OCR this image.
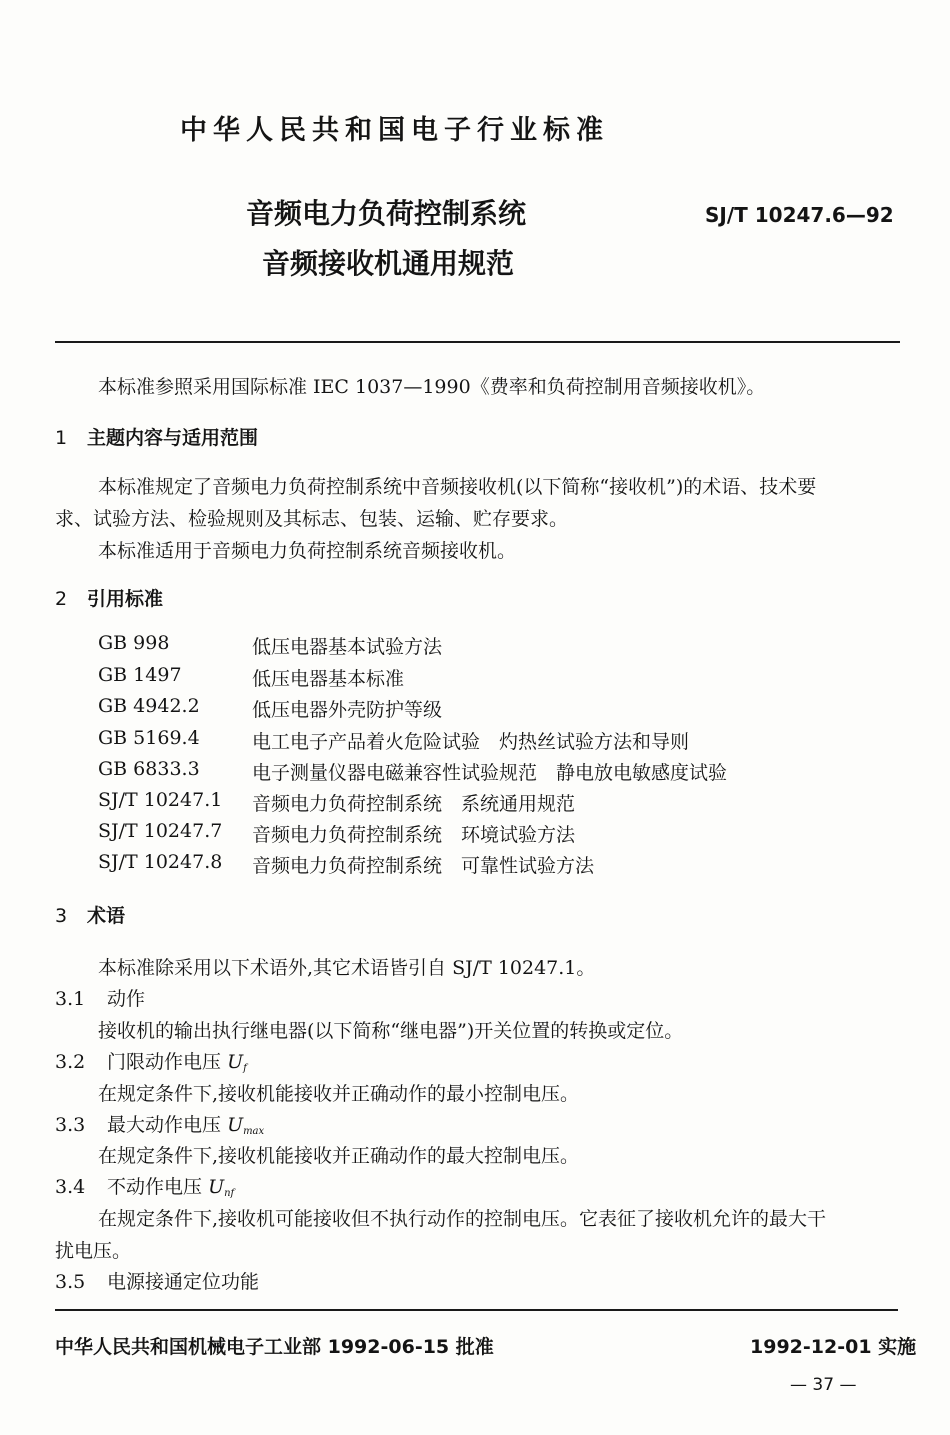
中华人民共和国电子行业标准
音频电力负荷控制系统
音频接收机通用规范
SJ/T 10247.6—92
本标准参照采用国际标准 IEC 1037—1990《费率和负荷控制用音频接收机》。
1 主题内容与适用范围
本标准规定了音频电力负荷控制系统中音频接收机(以下简称“接收机”)的术语、技术要
求、试验方法、检验规则及其标志、包装、运输、贮存要求。
本标准适用于音频电力负荷控制系统音频接收机。
2 引用标准
GB 998	低压电器基本试验方法
GB 1497	低压电器基本标准
GB 4942.2	低压电器外壳防护等级
GB 5169.4	电工电子产品着火危险试验　灼热丝试验方法和导则
GB 6833.3	电子测量仪器电磁兼容性试验规范　静电放电敏感度试验
SJ/T 10247.1 音频电力负荷控制系统　系统通用规范
SJ/T 10247.7 音频电力负荷控制系统　环境试验方法
SJ/T 10247.8 音频电力负荷控制系统　可靠性试验方法
3 术语
本标准除采用以下术语外,其它术语皆引自 SJ/T 10247.1。
3.1 动作
接收机的输出执行继电器(以下简称“继电器”)开关位置的转换或定位。
3.2 门限动作电压 $U_f$
在规定条件下,接收机能接收并正确动作的最小控制电压。
3.3 最大动作电压 $U_{max}$
在规定条件下,接收机能接收并正确动作的最大控制电压。
3.4 不动作电压 $U_{nf}$
在规定条件下,接收机可能接收但不执行动作的控制电压。它表征了接收机允许的最大干
扰电压。
3.5 电源接通定位功能
中华人民共和国机械电子工业部 1992-06-15 批准	1992-12-01 实施
— 37 —
